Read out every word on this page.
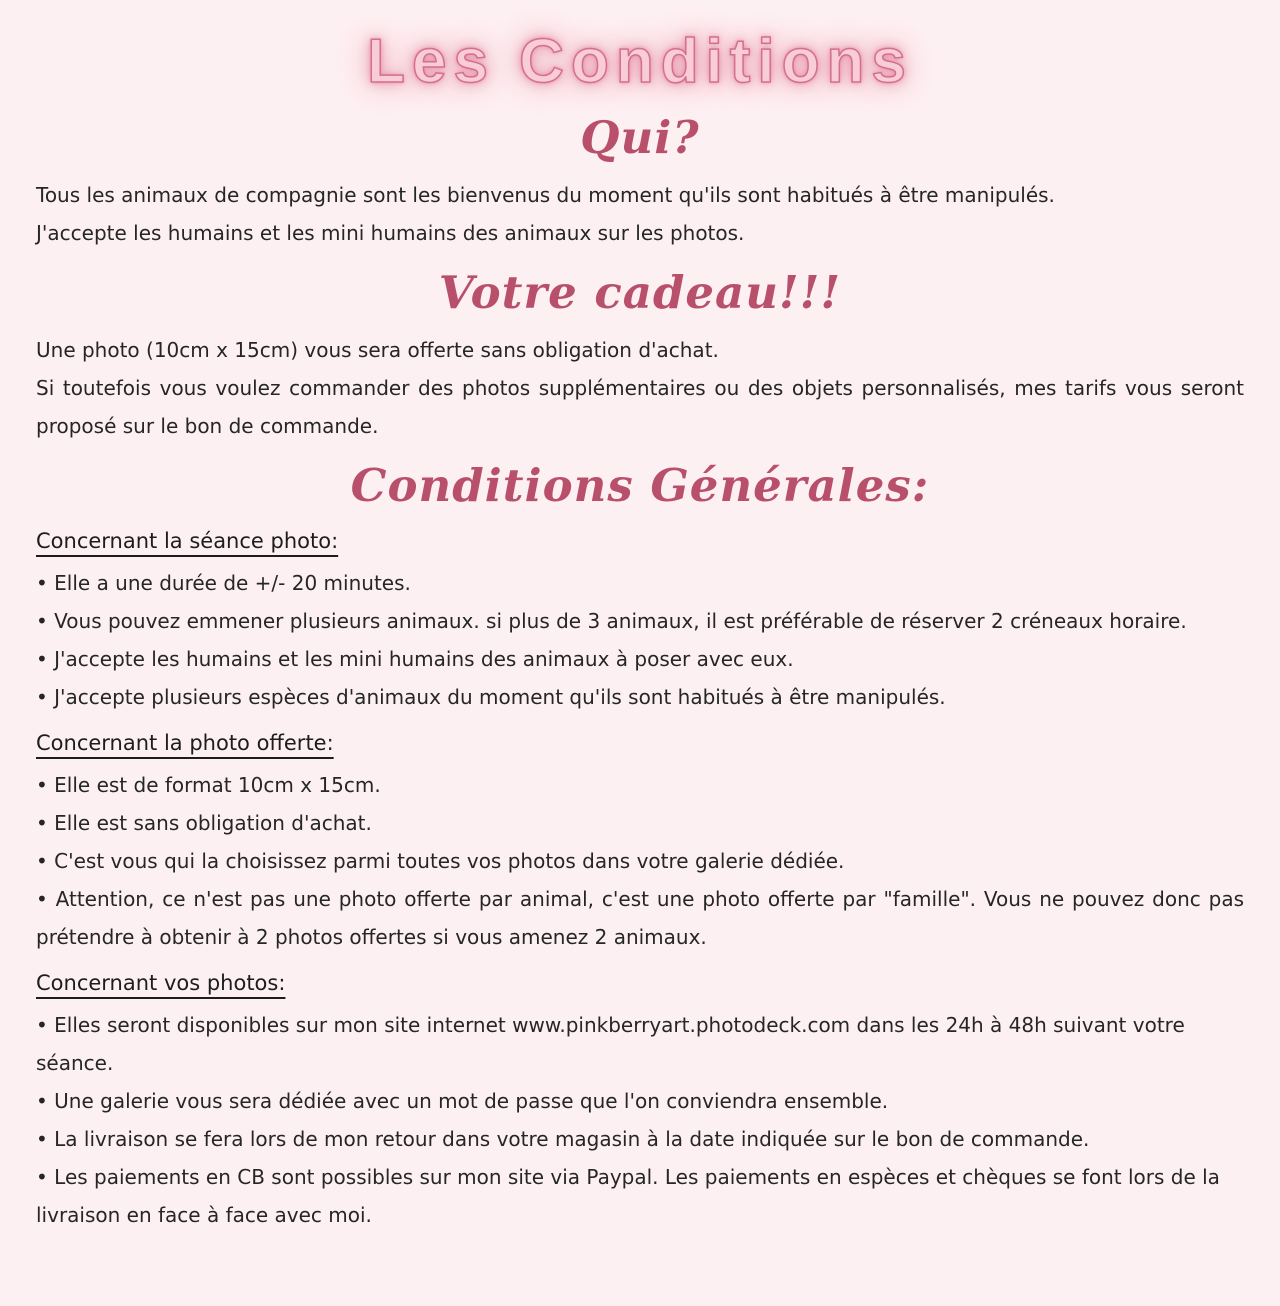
Les Conditions
Qui?

Tous les animaux de compagnie sont les bienvenus du moment qu'ils sont habitués à être manipulés.

J'accepte les humains et les mini humains des animaux sur les photos.

Votre cadeau!!!

Une photo (10cm x 15cm) vous sera offerte sans obligation d'achat.

Si toutefois vous voulez commander des photos supplémentaires ou des objets personnalisés, mes tarifs vous seront proposé sur le bon de commande.

Conditions Générales:
Concernant la séance photo:
• Elle a une durée de +/- 20 minutes.
• Vous pouvez emmener plusieurs animaux. si plus de 3 animaux, il est préférable de réserver 2 créneaux horaire.
• J'accepte les humains et les mini humains des animaux à poser avec eux.
• J'accepte plusieurs espèces d'animaux du moment qu'ils sont habitués à être manipulés.
Concernant la photo offerte:
• Elle est de format 10cm x 15cm.
• Elle est sans obligation d'achat.
• C'est vous qui la choisissez parmi toutes vos photos dans votre galerie dédiée.
• Attention, ce n'est pas une photo offerte par animal, c'est une photo offerte par "famille". Vous ne pouvez donc pas prétendre à obtenir à 2 photos offertes si vous amenez 2 animaux.
Concernant vos photos:
• Elles seront disponibles sur mon site internet www.pinkberryart.photodeck.com dans les 24h à 48h suivant votre séance.
• Une galerie vous sera dédiée avec un mot de passe que l'on conviendra ensemble.
• La livraison se fera lors de mon retour dans votre magasin à la date indiquée sur le bon de commande.
• Les paiements en CB sont possibles sur mon site via Paypal. Les paiements en espèces et chèques se font lors de la livraison en face à face avec moi.
